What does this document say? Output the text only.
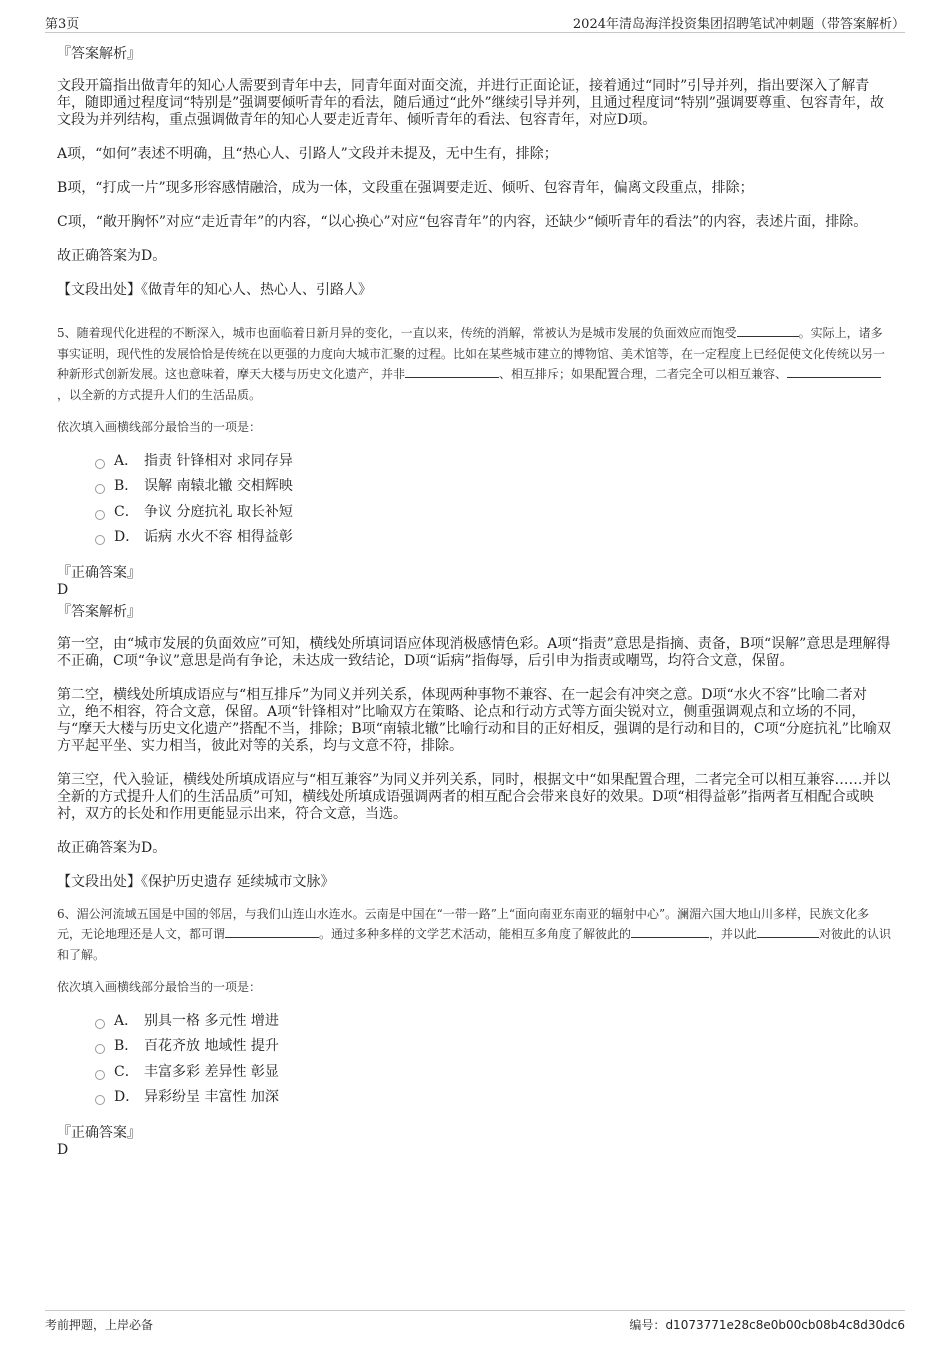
第3页	2024年清岛海洋投资集团招聘笔试冲刺题（带答案解析）

『答案解析』

文段开篇指出做青年的知心人需要到青年中去，同青年面对面交流，并进行正面论证，接着通过“同时”引导并列，指出要深入了解青年，随即通过程度词“特别是”强调要倾听青年的看法，随后通过“此外”继续引导并列，且通过程度词“特别”强调要尊重、包容青年，故文段为并列结构，重点强调做青年的知心人要走近青年、倾听青年的看法、包容青年，对应D项。

A项，“如何”表述不明确，且“热心人、引路人”文段并未提及，无中生有，排除；

B项，“打成一片”现多形容感情融洽，成为一体，文段重在强调要走近、倾听、包容青年，偏离文段重点，排除；

C项，“敞开胸怀”对应“走近青年”的内容，“以心换心”对应“包容青年”的内容，还缺少“倾听青年的看法”的内容，表述片面，排除。

故正确答案为D。

【文段出处】《做青年的知心人、热心人、引路人》

5、随着现代化进程的不断深入，城市也面临着日新月异的变化，一直以来，传统的消解，常被认为是城市发展的负面效应而饱受	。实际上，诸多事实证明，现代性的发展恰恰是传统在以更强的力度向大城市汇聚的过程。比如在某些城市建立的博物馆、美术馆等，在一定程度上已经促使文化传统以另一种新形式创新发展。这也意味着，摩天大楼与历史文化遗产，并非	、相互排斥；如果配置合理，二者完全可以相互兼容、，以全新的方式提升人们的生活品质。

依次填入画横线部分最恰当的一项是：

A． 指责 针锋相对 求同存异
B． 误解 南辕北辙 交相辉映
C． 争议 分庭抗礼 取长补短
D． 诟病 水火不容 相得益彰

『正确答案』

D

『答案解析』

第一空，由“城市发展的负面效应”可知，横线处所填词语应体现消极感情色彩。A项“指责”意思是指摘、责备，B项“误解”意思是理解得不正确，C项“争议”意思是尚有争论，未达成一致结论，D项“诟病”指侮辱，后引申为指责或嘲骂，均符合文意，保留。

第二空，横线处所填成语应与“相互排斥”为同义并列关系，体现两种事物不兼容、在一起会有冲突之意。D项“水火不容”比喻二者对立，绝不相容，符合文意，保留。A项“针锋相对”比喻双方在策略、论点和行动方式等方面尖锐对立，侧重强调观点和立场的不同，与“摩天大楼与历史文化遗产”搭配不当，排除；B项“南辕北辙”比喻行动和目的正好相反，强调的是行动和目的，C项“分庭抗礼”比喻双方平起平坐、实力相当，彼此对等的关系，均与文意不符，排除。

第三空，代入验证，横线处所填成语应与“相互兼容”为同义并列关系，同时，根据文中“如果配置合理，二者完全可以相互兼容……并以全新的方式提升人们的生活品质”可知，横线处所填成语强调两者的相互配合会带来良好的效果。D项“相得益彰”指两者互相配合或映衬，双方的长处和作用更能显示出来，符合文意，当选。

故正确答案为D。

【文段出处】《保护历史遗存 延续城市文脉》

6、湄公河流域五国是中国的邻居，与我们山连山水连水。云南是中国在“一带一路”上“面向南亚东南亚的辐射中心”。澜湄六国大地山川多样，民族文化多元，无论地理还是人文，都可谓	。通过多种多样的文学艺术活动，能相互多角度了解彼此的	，并以此	对彼此的认识和了解。

依次填入画横线部分最恰当的一项是：

A． 别具一格 多元性 增进
B． 百花齐放 地域性 提升
C． 丰富多彩 差异性 彰显
D． 异彩纷呈 丰富性 加深

『正确答案』

D

考前押题，上岸必备	编号：d1073771e28c8e0b00cb08b4c8d30dc6
